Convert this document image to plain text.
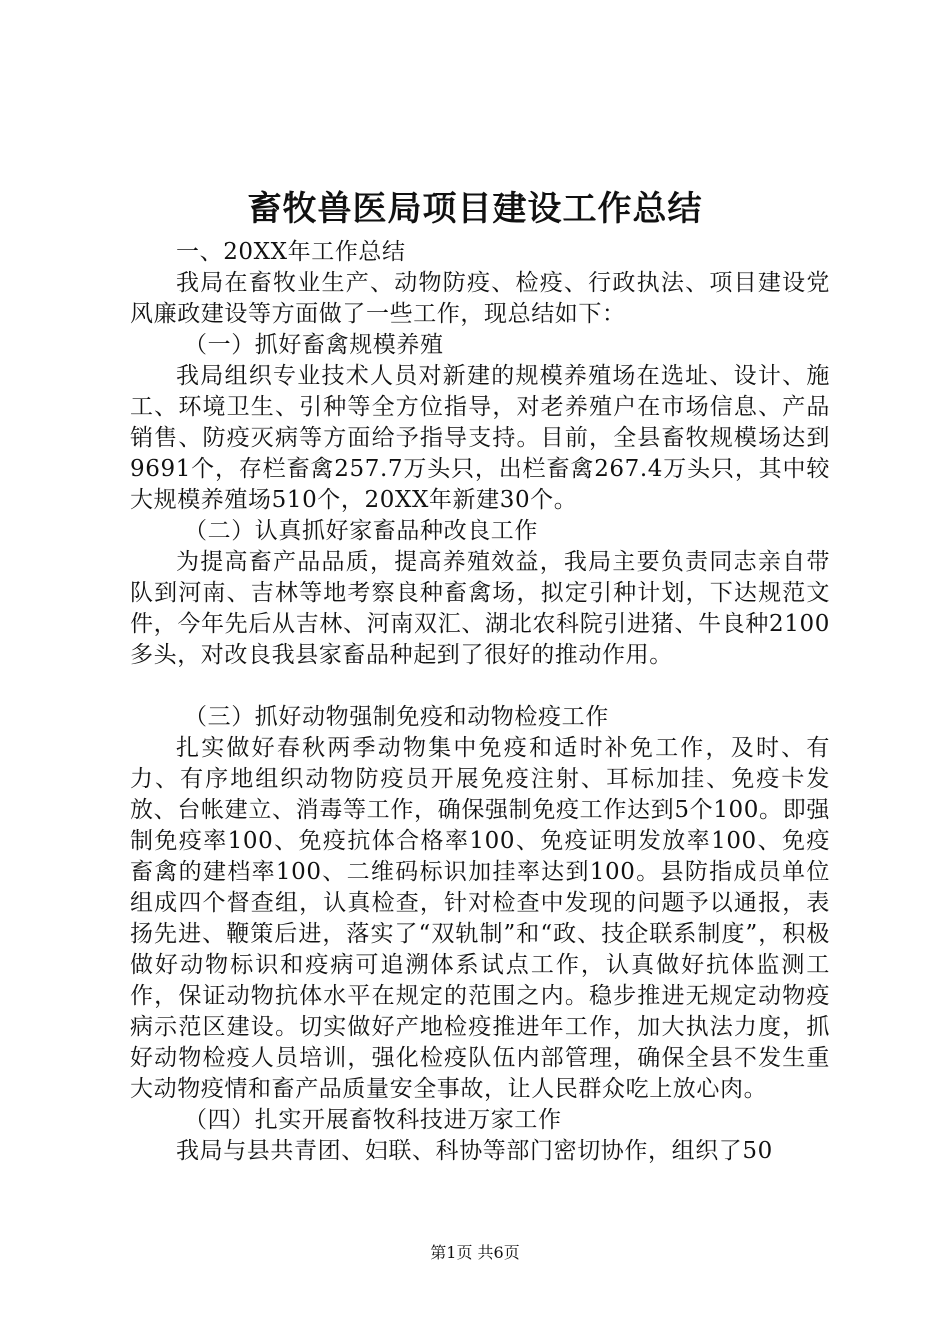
畜牧兽医局项目建设工作总结

一、20XX年工作总结

我局在畜牧业生产、动物防疫、检疫、行政执法、项目建设党风廉政建设等方面做了一些工作，现总结如下：

（一）抓好畜禽规模养殖

我局组织专业技术人员对新建的规模养殖场在选址、设计、施工、环境卫生、引种等全方位指导，对老养殖户在市场信息、产品销售、防疫灭病等方面给予指导支持。目前，全县畜牧规模场达到9691个，存栏畜禽257.7万头只，出栏畜禽267.4万头只，其中较大规模养殖场510个，20XX年新建30个。

（二）认真抓好家畜品种改良工作

为提高畜产品品质，提高养殖效益，我局主要负责同志亲自带队到河南、吉林等地考察良种畜禽场，拟定引种计划，下达规范文件，今年先后从吉林、河南双汇、湖北农科院引进猪、牛良种2100多头，对改良我县家畜品种起到了很好的推动作用。

（三）抓好动物强制免疫和动物检疫工作

扎实做好春秋两季动物集中免疫和适时补免工作，及时、有力、有序地组织动物防疫员开展免疫注射、耳标加挂、免疫卡发放、台帐建立、消毒等工作，确保强制免疫工作达到5个100。即强制免疫率100、免疫抗体合格率100、免疫证明发放率100、免疫畜禽的建档率100、二维码标识加挂率达到100。县防指成员单位组成四个督查组，认真检查，针对检查中发现的问题予以通报，表扬先进、鞭策后进，落实了“双轨制”和“政、技企联系制度”，积极做好动物标识和疫病可追溯体系试点工作，认真做好抗体监测工作，保证动物抗体水平在规定的范围之内。稳步推进无规定动物疫病示范区建设。切实做好产地检疫推进年工作，加大执法力度，抓好动物检疫人员培训，强化检疫队伍内部管理，确保全县不发生重大动物疫情和畜产品质量安全事故，让人民群众吃上放心肉。

（四）扎实开展畜牧科技进万家工作

我局与县共青团、妇联、科协等部门密切协作，组织了50

第1页 共6页
